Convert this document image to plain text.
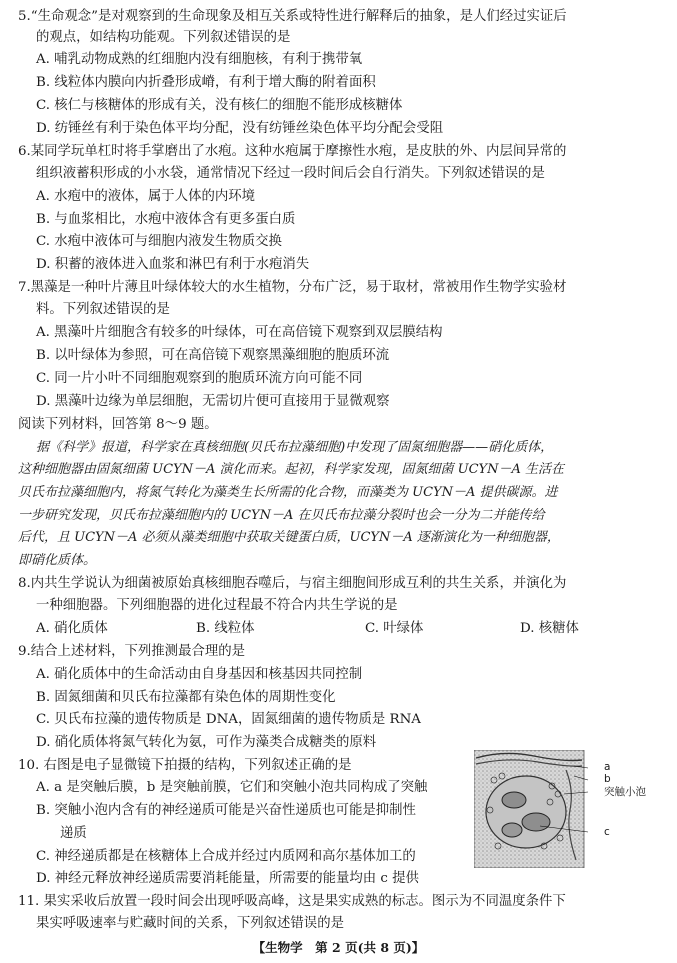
5.“生命观念”是对观察到的生命现象及相互关系或特性进行解释后的抽象，是人们经过实证后
的观点，如结构功能观。下列叙述错误的是
A. 哺乳动物成熟的红细胞内没有细胞核，有利于携带氧
B. 线粒体内膜向内折叠形成嵴，有利于增大酶的附着面积
C. 核仁与核糖体的形成有关，没有核仁的细胞不能形成核糖体
D. 纺锤丝有利于染色体平均分配，没有纺锤丝染色体平均分配会受阻
6.某同学玩单杠时将手掌磨出了水疱。这种水疱属于摩擦性水疱，是皮肤的外、内层间异常的
组织液蓄积形成的小水袋，通常情况下经过一段时间后会自行消失。下列叙述错误的是
A. 水疱中的液体，属于人体的内环境
B. 与血浆相比，水疱中液体含有更多蛋白质
C. 水疱中液体可与细胞内液发生物质交换
D. 积蓄的液体进入血浆和淋巴有利于水疱消失
7.黑藻是一种叶片薄且叶绿体较大的水生植物，分布广泛，易于取材，常被用作生物学实验材
料。下列叙述错误的是
A. 黑藻叶片细胞含有较多的叶绿体，可在高倍镜下观察到双层膜结构
B. 以叶绿体为参照，可在高倍镜下观察黑藻细胞的胞质环流
C. 同一片小叶不同细胞观察到的胞质环流方向可能不同
D. 黑藻叶边缘为单层细胞，无需切片便可直接用于显微观察
阅读下列材料，回答第 8～9 题。
据《科学》报道，科学家在真核细胞(贝氏布拉藻细胞)中发现了固氮细胞器——硝化质体，
这种细胞器由固氮细菌 UCYN－A 演化而来。起初，科学家发现，固氮细菌 UCYN－A 生活在
贝氏布拉藻细胞内，将氮气转化为藻类生长所需的化合物，而藻类为 UCYN－A 提供碳源。进
一步研究发现，贝氏布拉藻细胞内的 UCYN－A 在贝氏布拉藻分裂时也会一分为二并能传给
后代，且 UCYN－A 必须从藻类细胞中获取关键蛋白质，UCYN－A 逐渐演化为一种细胞器，
即硝化质体。
8.内共生学说认为细菌被原始真核细胞吞噬后，与宿主细胞间形成互利的共生关系，并演化为
一种细胞器。下列细胞器的进化过程最不符合内共生学说的是
A. 硝化质体	B. 线粒体	C. 叶绿体	D. 核糖体
9.结合上述材料，下列推测最合理的是
A. 硝化质体中的生命活动由自身基因和核基因共同控制
B. 固氮细菌和贝氏布拉藻都有染色体的周期性变化
C. 贝氏布拉藻的遗传物质是 DNA，固氮细菌的遗传物质是 RNA
D. 硝化质体将氮气转化为氨，可作为藻类合成糖类的原料
10. 右图是电子显微镜下拍摄的结构，下列叙述正确的是
A. a 是突触后膜，b 是突触前膜，它们和突触小泡共同构成了突触
B. 突触小泡内含有的神经递质可能是兴奋性递质也可能是抑制性
递质
C. 神经递质都是在核糖体上合成并经过内质网和高尔基体加工的
D. 神经元释放神经递质需要消耗能量，所需要的能量均由 c 提供
a
b
突触小泡
c
11. 果实采收后放置一段时间会出现呼吸高峰，这是果实成熟的标志。图示为不同温度条件下
果实呼吸速率与贮藏时间的关系，下列叙述错误的是
【生物学　第 2 页(共 8 页)】
